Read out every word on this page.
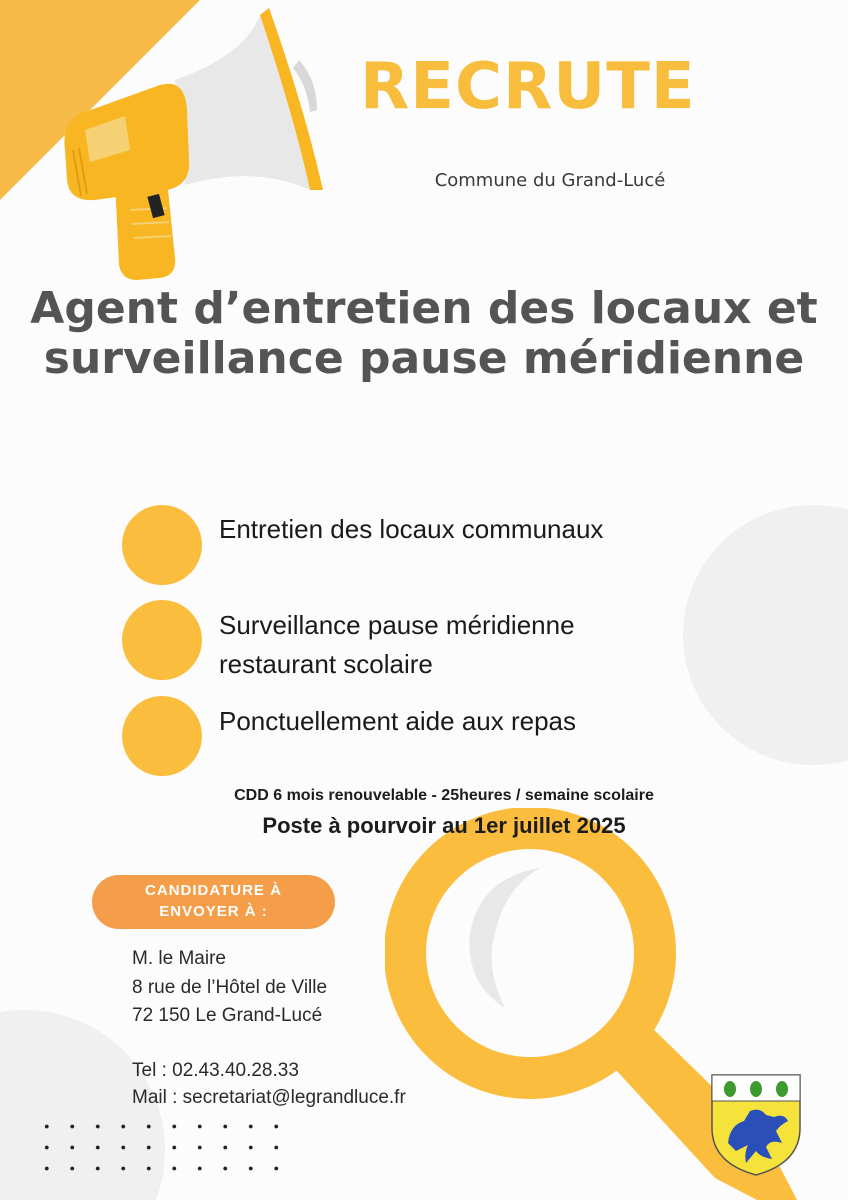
RECRUTE
Commune du Grand-Lucé
Agent d’entretien des locaux et
surveillance pause méridienne
Entretien des locaux communaux
Surveillance pause méridienne
restaurant scolaire
Ponctuellement aide aux repas
CDD 6 mois renouvelable - 25heures / semaine scolaire
Poste à pourvoir au 1er juillet 2025
CANDIDATURE À
ENVOYER À :
M. le Maire
8 rue de l’Hôtel de Ville
72 150 Le Grand-Lucé
Tel : 02.43.40.28.33
Mail : secretariat@legrandluce.fr
